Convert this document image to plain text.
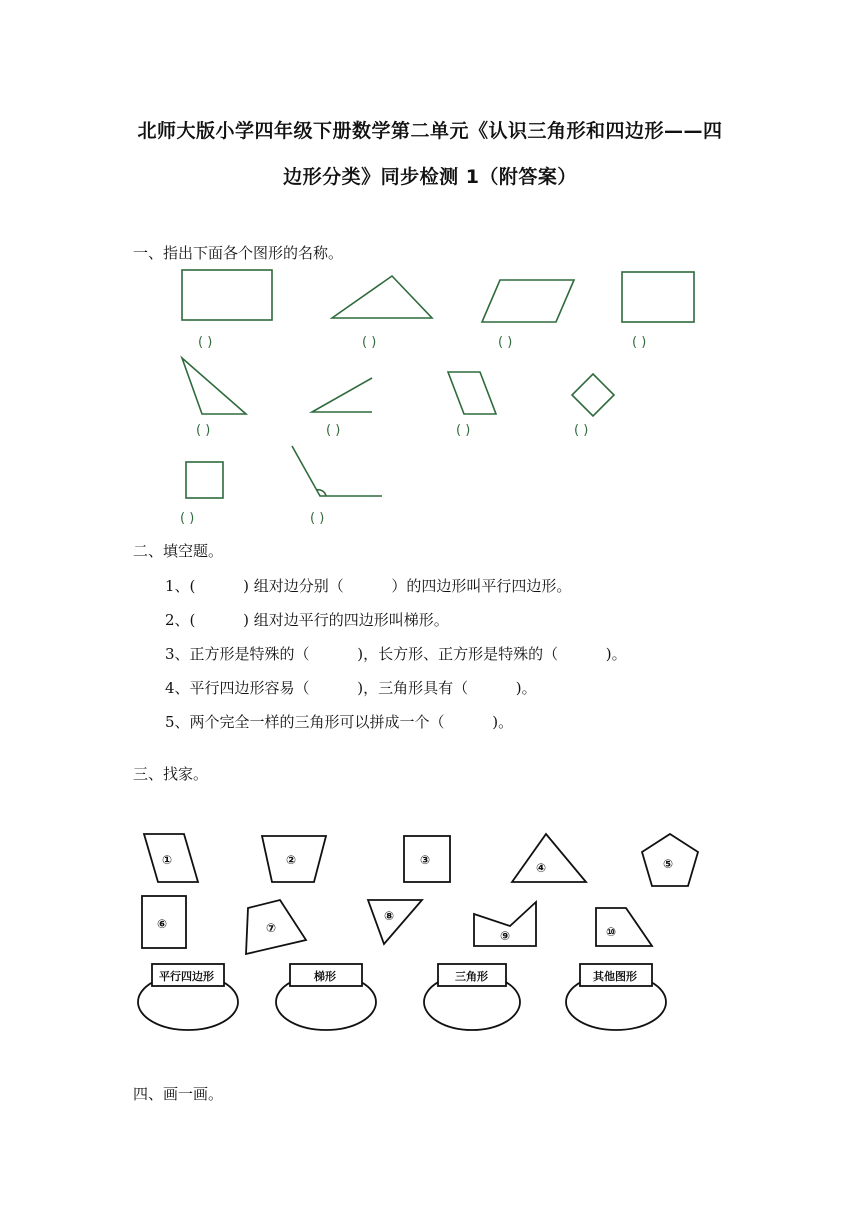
北师大版小学四年级下册数学第二单元《认识三角形和四边形——四
边形分类》同步检测 1（附答案）
一、指出下面各个图形的名称。
( )	( )	( )	( )
( )	( )	( )	( )
( )	( )
二、填空题。
1、(          ) 组对边分别（          ）的四边形叫平行四边形。
2、(          ) 组对边平行的四边形叫梯形。
3、正方形是特殊的（          )，长方形、正方形是特殊的（          )。
4、平行四边形容易（          )，三角形具有（          )。
5、两个完全一样的三角形可以拼成一个（          )。
三、找家。
①	②	③
④	⑤
⑥	⑦
⑧
⑨	⑩
平行四边形	梯形	三角形	其他图形
四、画一画。
